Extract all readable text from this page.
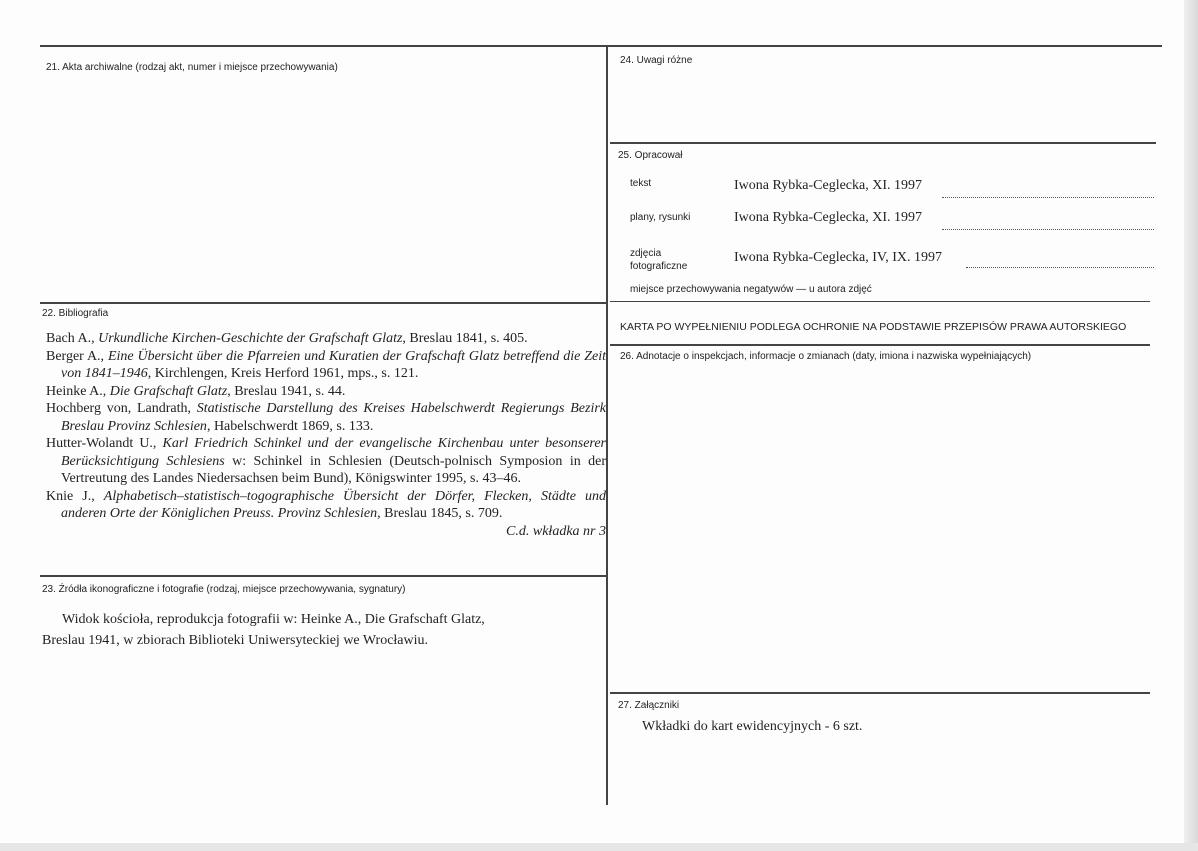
21. Akta archiwalne (rodzaj akt, numer i miejsce przechowywania)
22. Bibliografia
Bach A., Urkundliche Kirchen-Geschichte der Grafschaft Glatz, Breslau 1841, s. 405.
Berger A., Eine Übersicht über die Pfarreien und Kuratien der Grafschaft Glatz betreffend die Zeit von 1841–1946, Kirchlengen, Kreis Herford 1961, mps., s. 121.
Heinke A., Die Grafschaft Glatz, Breslau 1941, s. 44.
Hochberg von, Landrath, Statistische Darstellung des Kreises Habelschwerdt Regierungs Bezirk Breslau Provinz Schlesien, Habelschwerdt 1869, s. 133.
Hutter-Wolandt U., Karl Friedrich Schinkel und der evangelische Kirchenbau unter besonserer Berücksichtigung Schlesiens w: Schinkel in Schlesien (Deutsch-polnisch Symposion in der Vertreutung des Landes Niedersachsen beim Bund), Königswinter 1995, s. 43–46.
Knie J., Alphabetisch–statistisch–togographische Übersicht der Dörfer, Flecken, Städte und anderen Orte der Königlichen Preuss. Provinz Schlesien, Breslau 1845, s. 709.
C.d. wkładka nr 3
23. Źródła ikonograficzne i fotografie (rodzaj, miejsce przechowywania, sygnatury)
Widok kościoła, reprodukcja fotografii w: Heinke A., Die Grafschaft Glatz,
Breslau 1941, w zbiorach Biblioteki Uniwersyteckiej we Wrocławiu.
24. Uwagi różne
25. Opracował
tekst	Iwona Rybka-Ceglecka, XI. 1997
plany, rysunki	Iwona Rybka-Ceglecka, XI. 1997
zdjęcia
fotograficzne
Iwona Rybka-Ceglecka, IV, IX. 1997
miejsce przechowywania negatywów — u autora zdjęć
KARTA PO WYPEŁNIENIU PODLEGA OCHRONIE NA PODSTAWIE PRZEPISÓW PRAWA AUTORSKIEGO
26. Adnotacje o inspekcjach, informacje o zmianach (daty, imiona i nazwiska wypełniających)
27. Załączniki
Wkładki do kart ewidencyjnych - 6 szt.
